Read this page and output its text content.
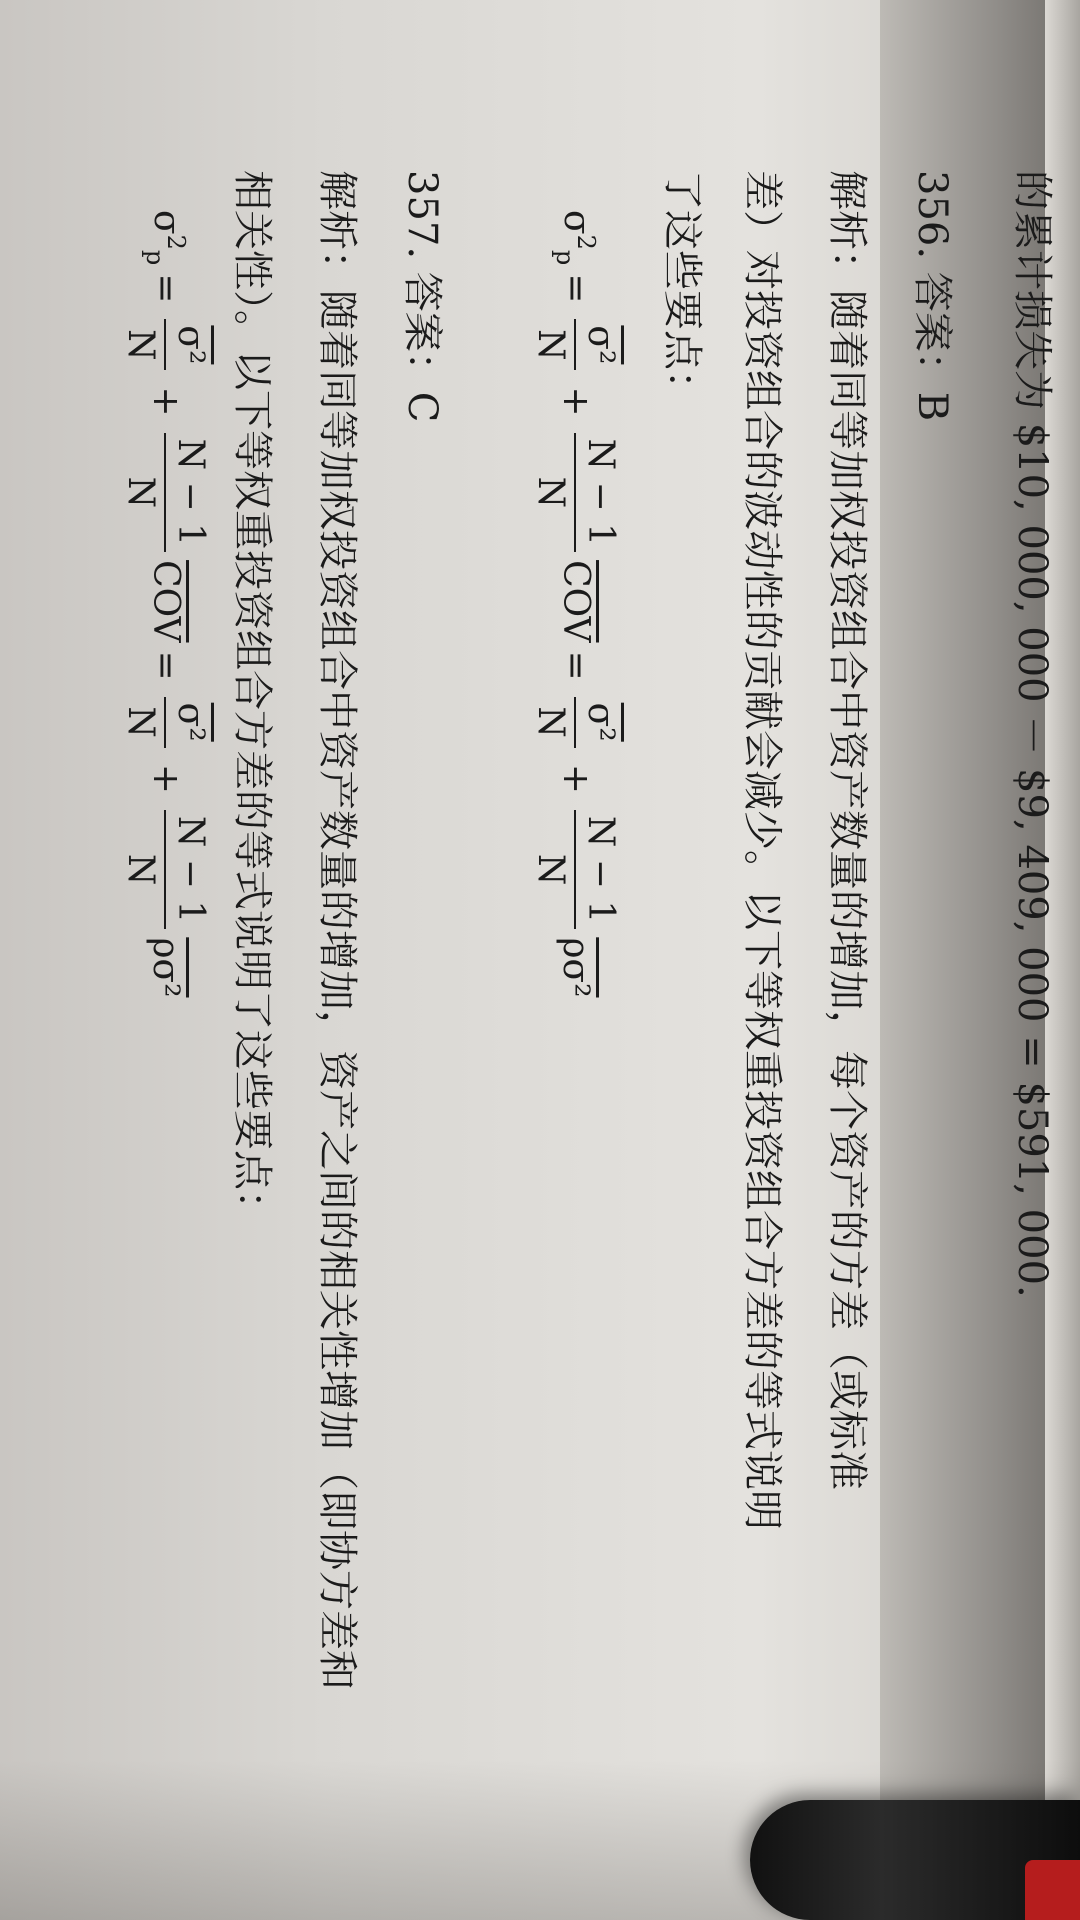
的累计损失为 $10, 000, 000 － $9, 409, 000 = $591, 000.
356. 答案：B
解析：随着同等加权投资组合中资产数量的增加，每个资产的方差（或标准
差）对投资组合的波动性的贡献会减少。以下等权重投资组合方差的等式说明
了这些要点：
$\sigma^2_p$
=
σ²
N
+
N − 1
N
$\overline{COV}$
=
σ²
N
+
N − 1
N
ρσ²
357. 答案：C
解析：随着同等加权投资组合中资产数量的增加，资产之间的相关性增加（即协方差和
相关性）。以下等权重投资组合方差的等式说明了这些要点：
$\sigma^2_p$
=
σ²
N
+
N − 1
N
$\overline{COV}$
=
σ²
N
+
N − 1
N
ρσ²
